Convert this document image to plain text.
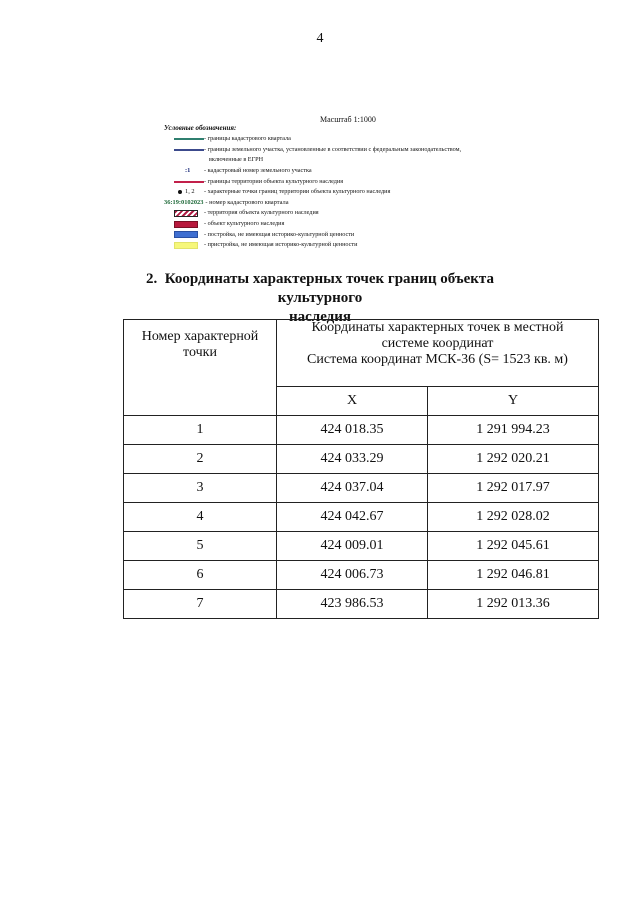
4
Масштаб 1:1000
Условные обозначения:
- границы кадастрового квартала
- границы земельного участка, установленные в соответствии с федеральным законодательством,
включенные в ЕГРН
:1 - кадастровый номер земельного участка
- границы территории объекта культурного наследия
1, 2 - характерные точки границ территории объекта культурного наследия
36:19:0102023 - номер кадастрового квартала
- территория объекта культурного наследия
- объект культурного наследия
- постройка, не имеющая историко-культурной ценности
- пристройка, не имеющая историко-культурной ценности
2. Координаты характерных точек границ объекта культурного
наследия
Номер характерной точки	Координаты характерных точек в местной
системе координат
Система координат МСК-36 (S= 1523 кв. м)	

	X	Y
1	424 018.35	1 291 994.23
2	424 033.29	1 292 020.21
3	424 037.04	1 292 017.97
4	424 042.67	1 292 028.02
5	424 009.01	1 292 045.61
6	424 006.73	1 292 046.81
7	423 986.53	1 292 013.36
